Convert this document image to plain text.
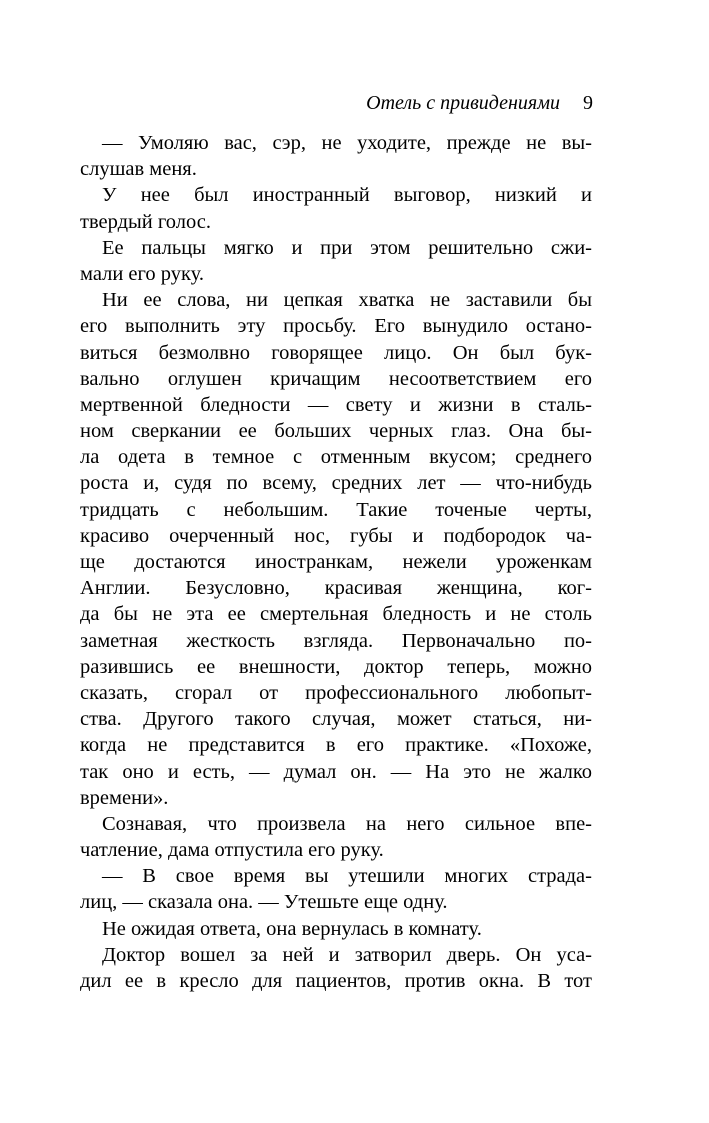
Отель с привидениями 9
— Умоляю вас, сэр, не уходите, прежде не вы-
слушав меня.
У нее был иностранный выговор, низкий и
твердый голос.
Ее пальцы мягко и при этом решительно сжи-
мали его руку.
Ни ее слова, ни цепкая хватка не заставили бы
его выполнить эту просьбу. Его вынудило остано-
виться безмолвно говорящее лицо. Он был бук-
вально оглушен кричащим несоответствием его
мертвенной бледности — свету и жизни в сталь-
ном сверкании ее больших черных глаз. Она бы-
ла одета в темное с отменным вкусом; среднего
роста и, судя по всему, средних лет — что-нибудь
тридцать с небольшим. Такие точеные черты,
красиво очерченный нос, губы и подбородок ча-
ще достаются иностранкам, нежели уроженкам
Англии. Безусловно, красивая женщина, ког-
да бы не эта ее смертельная бледность и не столь
заметная жесткость взгляда. Первоначально по-
разившись ее внешности, доктор теперь, можно
сказать, сгорал от профессионального любопыт-
ства. Другого такого случая, может статься, ни-
когда не представится в его практике. «Похоже,
так оно и есть, — думал он. — На это не жалко
времени».
Сознавая, что произвела на него сильное впе-
чатление, дама отпустила его руку.
— В свое время вы утешили многих страда-
лиц, — сказала она. — Утешьте еще одну.
Не ожидая ответа, она вернулась в комнату.
Доктор вошел за ней и затворил дверь. Он уса-
дил ее в кресло для пациентов, против окна. В тот
